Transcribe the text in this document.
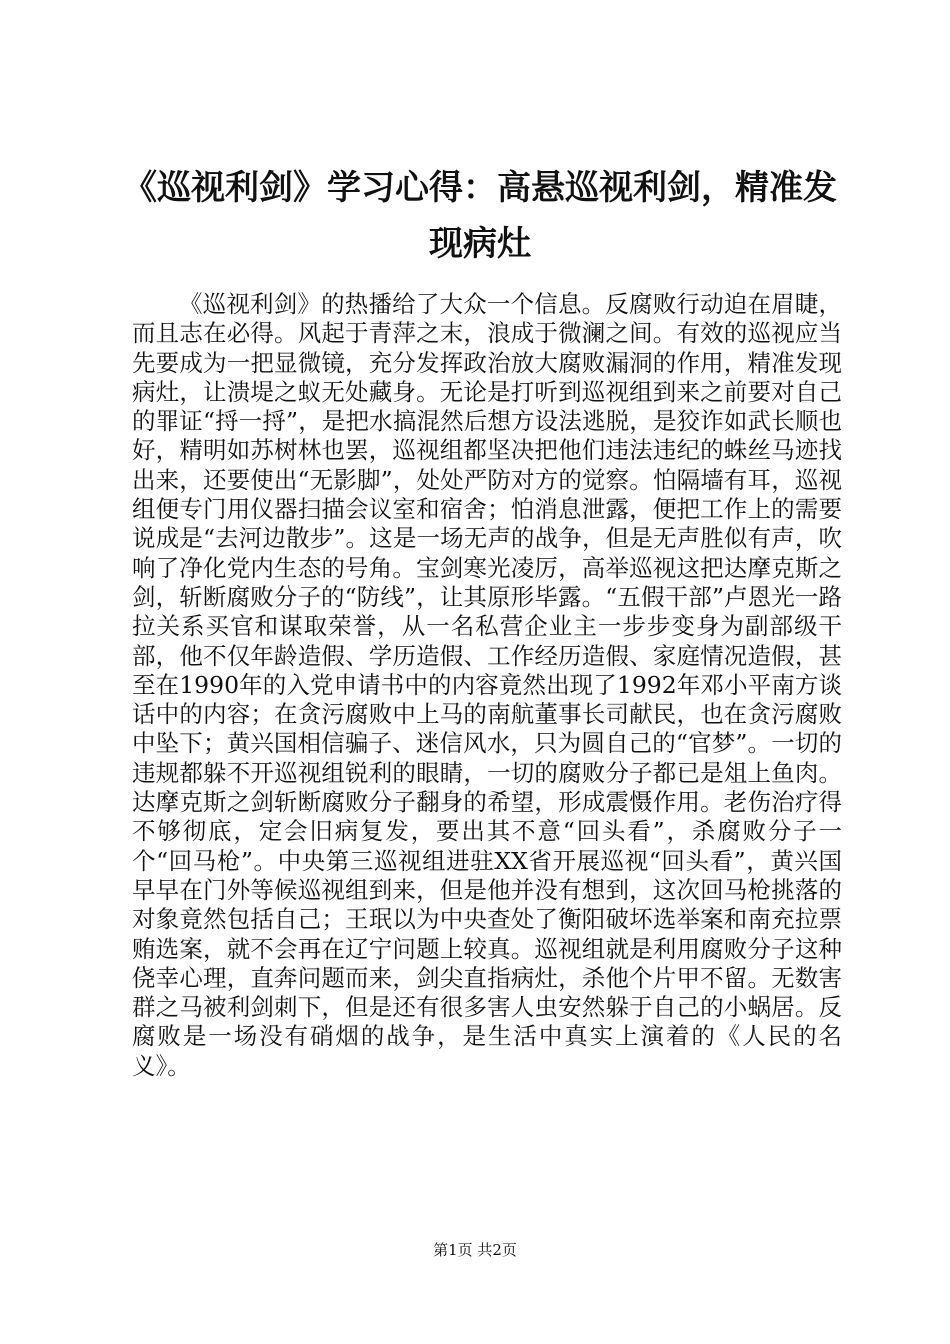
《巡视利剑》学习心得：高悬巡视利剑，精准发现病灶

《巡视利剑》的热播给了大众一个信息。反腐败行动迫在眉睫，而且志在必得。风起于青萍之末，浪成于微澜之间。有效的巡视应当先要成为一把显微镜，充分发挥政治放大腐败漏洞的作用，精准发现病灶，让溃堤之蚁无处藏身。无论是打听到巡视组到来之前要对自己的罪证“捋一捋”，是把水搞混然后想方设法逃脱，是狡诈如武长顺也好，精明如苏树林也罢，巡视组都坚决把他们违法违纪的蛛丝马迹找出来，还要使出“无影脚”，处处严防对方的觉察。怕隔墙有耳，巡视组便专门用仪器扫描会议室和宿舍；怕消息泄露，便把工作上的需要说成是“去河边散步”。这是一场无声的战争，但是无声胜似有声，吹响了净化党内生态的号角。宝剑寒光凌厉，高举巡视这把达摩克斯之剑，斩断腐败分子的“防线”，让其原形毕露。“五假干部”卢恩光一路拉关系买官和谋取荣誉，从一名私营企业主一步步变身为副部级干部，他不仅年龄造假、学历造假、工作经历造假、家庭情况造假，甚至在1990年的入党申请书中的内容竟然出现了1992年邓小平南方谈话中的内容；在贪污腐败中上马的南航董事长司献民，也在贪污腐败中坠下；黄兴国相信骗子、迷信风水，只为圆自己的“官梦”。一切的违规都躲不开巡视组锐利的眼睛，一切的腐败分子都已是俎上鱼肉。达摩克斯之剑斩断腐败分子翻身的希望，形成震慑作用。老伤治疗得不够彻底，定会旧病复发，要出其不意“回头看”，杀腐败分子一个“回马枪”。中央第三巡视组进驻XX省开展巡视“回头看”，黄兴国早早在门外等候巡视组到来，但是他并没有想到，这次回马枪挑落的对象竟然包括自己；王珉以为中央查处了衡阳破坏选举案和南充拉票贿选案，就不会再在辽宁问题上较真。巡视组就是利用腐败分子这种侥幸心理，直奔问题而来，剑尖直指病灶，杀他个片甲不留。无数害群之马被利剑刺下，但是还有很多害人虫安然躲于自己的小蜗居。反腐败是一场没有硝烟的战争，是生活中真实上演着的《人民的名义》。

第1页 共2页
